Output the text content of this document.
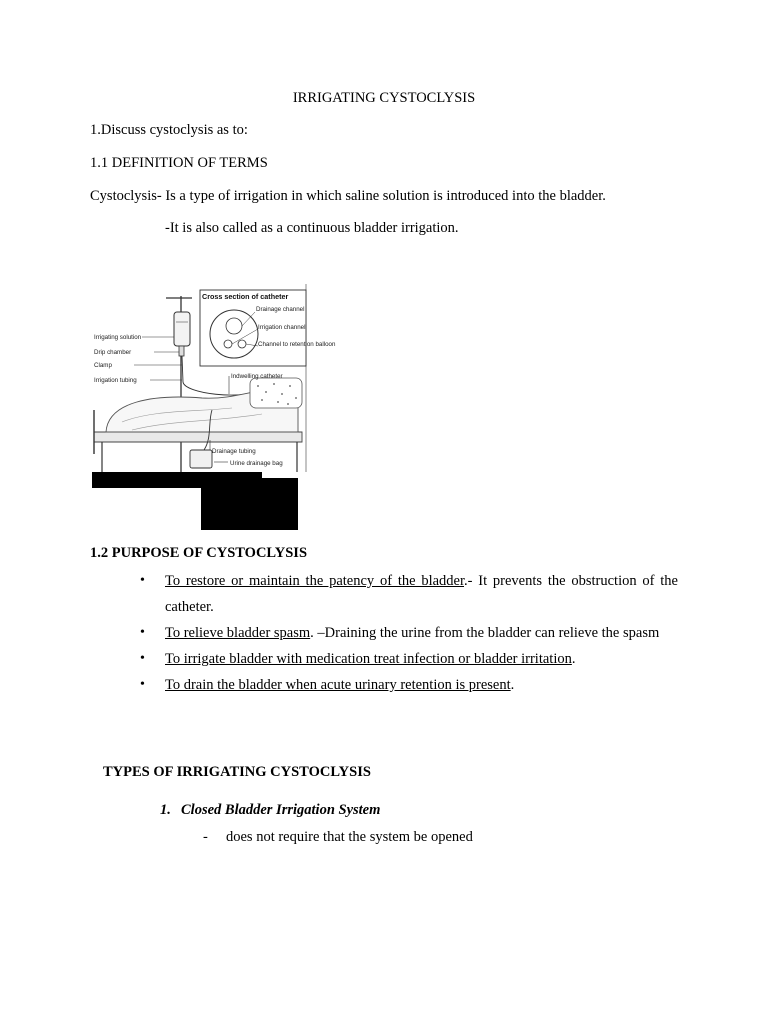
IRRIGATING CYSTOCLYSIS
1.Discuss cystoclysis as to:
1.1 DEFINITION OF TERMS
Cystoclysis- Is a type of irrigation in which saline solution is introduced into the bladder.
-It is also called as a continuous bladder irrigation.
Cross section of catheter
Drainage channel
Irrigation channel
Channel to retention balloon
Irrigating solution
Drip chamber
Clamp
Irrigation tubing
Indwelling catheter
Drainage tubing
Urine drainage bag
1.2 PURPOSE OF CYSTOCLYSIS
• To restore or maintain the patency of the bladder.- It prevents the obstruction of the catheter.
• To relieve bladder spasm. –Draining the urine from the bladder can relieve the spasm
• To irrigate bladder with medication treat infection or bladder irritation.
• To drain the bladder when acute urinary retention is present.
TYPES OF IRRIGATING CYSTOCLYSIS
1. Closed Bladder Irrigation System
- does not require that the system be opened
